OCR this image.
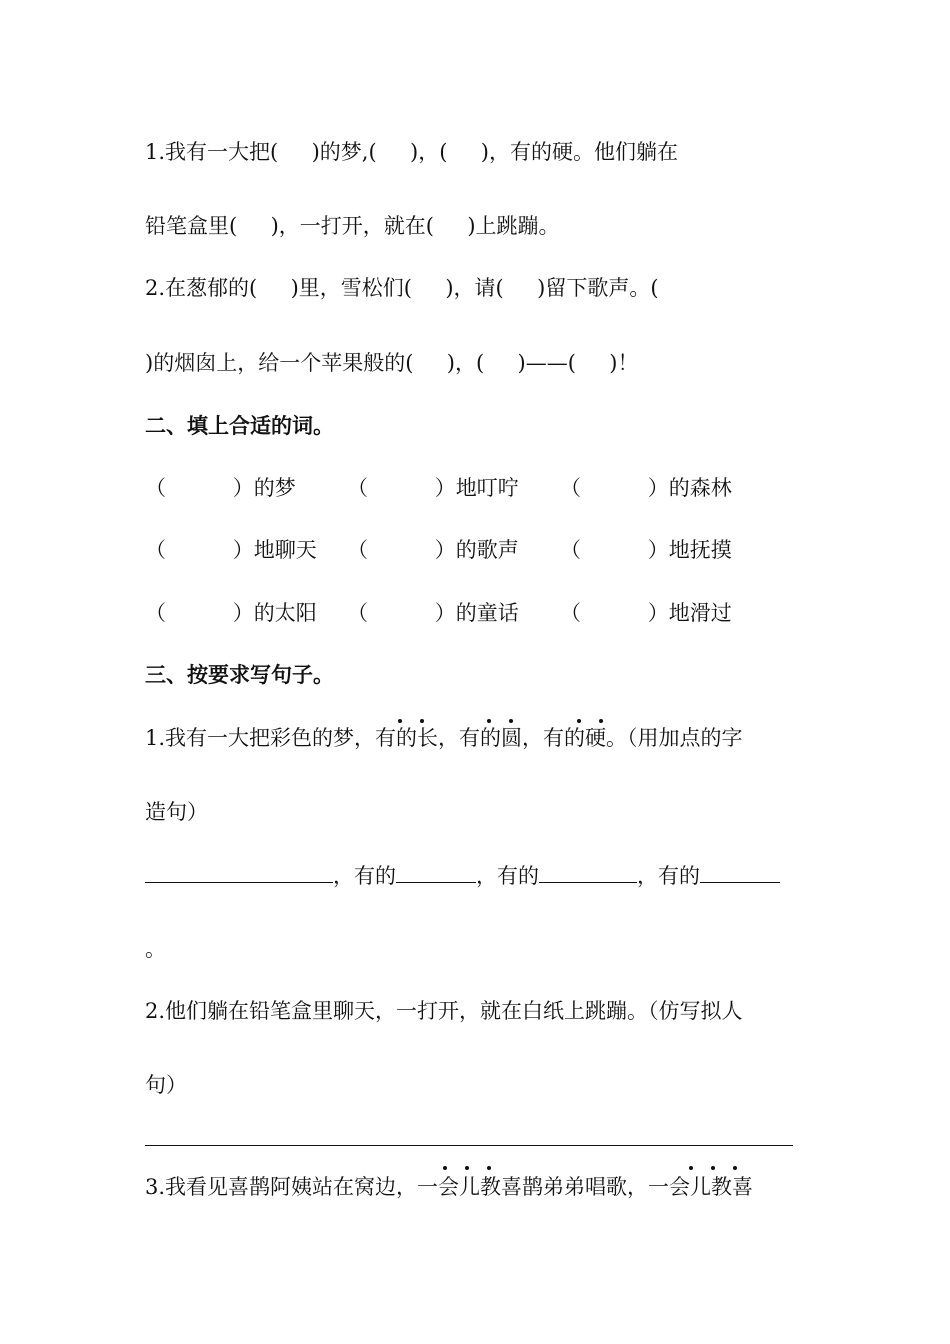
1.我有一大把(     )的梦,(     )，(     )，有的硬。他们躺在
铅笔盒里(     )，一打开，就在(     )上跳蹦。
2.在葱郁的(     )里，雪松们(     )，请(     )留下歌声。(
)的烟囱上，给一个苹果般的(     )，(     )——(     )！
二、填上合适的词。
（          ）的梦 （          ）地叮咛 （          ）的森林
（          ）地聊天 （          ）的歌声 （          ）地抚摸
（          ）的太阳 （          ）的童话 （          ）地滑过
三、按要求写句子。
1.我有一大把彩色的梦，有的长，有的圆，有的硬。（用加点的字
造句）
，有的	，有的	，有的
。
2.他们躺在铅笔盒里聊天，一打开，就在白纸上跳蹦。（仿写拟人
句）
3.我看见喜鹊阿姨站在窝边，一会儿教喜鹊弟弟唱歌，一会儿教喜
